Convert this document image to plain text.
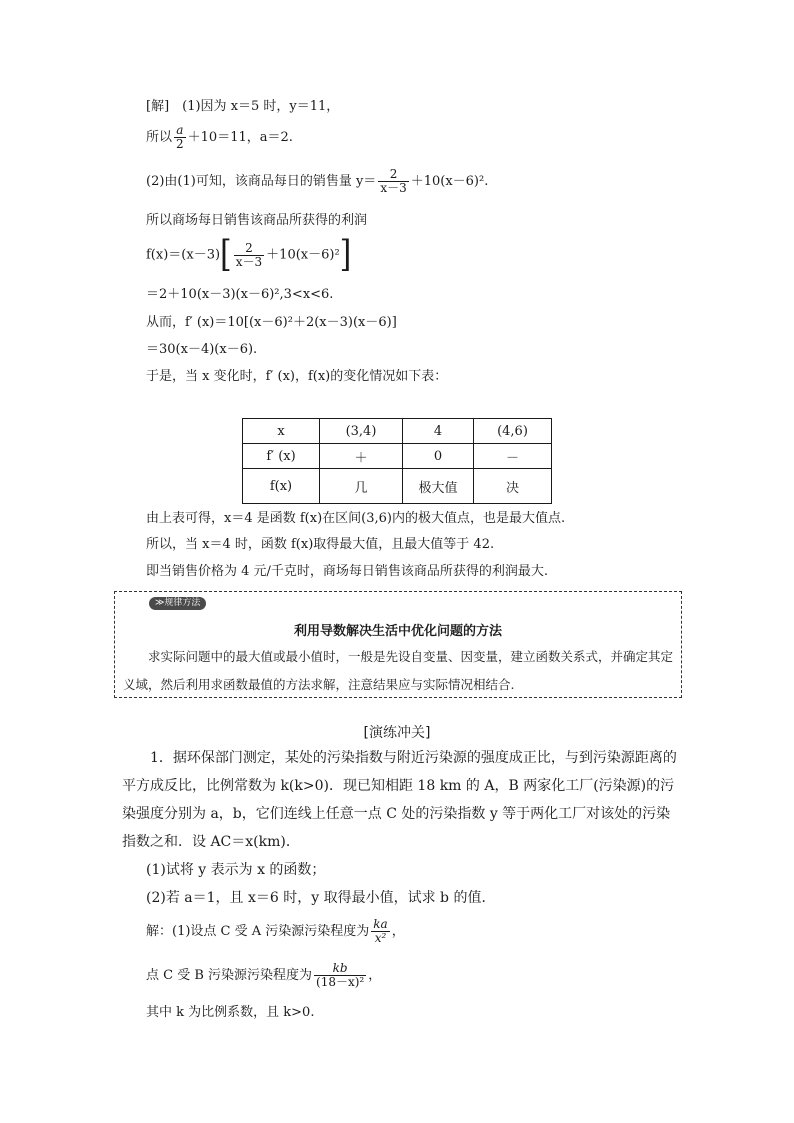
[解]　(1)因为 x＝5 时，y＝11，
所以 $\frac{a}{2} +10=11$，a＝2.
(2)由(1)可知，该商品每日的销售量 $y= \frac{2}{x-3} +10(x-6)^2$.
所以商场每日销售该商品所获得的利润
$f(x)=(x-3)[ \frac{2}{x-3} +10(x-6)^2]$
＝2＋10(x－3)(x－6)²,3<x<6.
从而，f′ (x)＝10[(x－6)²＋2(x－3)(x－6)]
＝30(x－4)(x－6).
于是，当 x 变化时，f′ (x)，f(x)的变化情况如下表：
x	(3,4)	4	(4,6)
f′ (x)	＋	0	－
f(x)	⼏	极大值	决
由上表可得，x＝4 是函数 f(x)在区间(3,6)内的极大值点，也是最大值点.
所以，当 x＝4 时，函数 f(x)取得最大值，且最大值等于 42.
即当销售价格为 4 元/千克时，商场每日销售该商品所获得的利润最大.
≫规律方法
利用导数解决生活中优化问题的方法
求实际问题中的最大值或最小值时，一般是先设自变量、因变量，建立函数关系式，并确定其定义域，然后利用求函数最值的方法求解，注意结果应与实际情况相结合.
[演练冲关]
1．据环保部门测定，某处的污染指数与附近污染源的强度成正比，与到污染源距离的平方成反比，比例常数为 k(k>0)．现已知相距 18 km 的 A，B 两家化工厂(污染源)的污染强度分别为 a，b，它们连线上任意一点 C 处的污染指数 y 等于两化工厂对该处的污染指数之和．设 AC＝x(km)．
(1)试将 y 表示为 x 的函数；
(2)若 a＝1，且 x＝6 时，y 取得最小值，试求 b 的值．
解：(1)设点 C 受 A 污染源污染程度为 $\frac{ka}{\text{x²}}$ ，
点 C 受 B 污染源污染程度为 $\frac{kb}{\text{(18－x)²}}$ ，
其中 k 为比例系数，且 k>0.
